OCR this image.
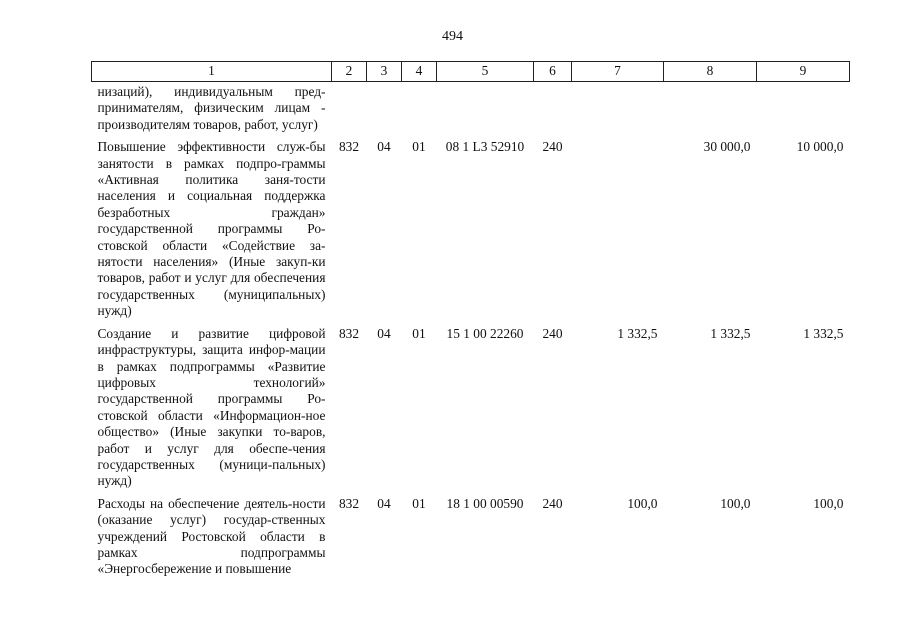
494
1	2	3	4	5	6	7	8	9
низаций), индивидуальным пред-принимателям, физическим лицам - производителям товаров, работ, услуг)								
Повышение эффективности служ-бы занятости в рамках подпро-граммы «Активная политика заня-тости населения и социальная поддержка безработных граждан» государственной программы Ро-стовской области «Содействие за-нятости населения» (Иные закуп-ки товаров, работ и услуг для обеспечения государственных (муниципальных) нужд)	832	04	01	08 1 L3 52910	240		30 000,0	10 000,0
Создание и развитие цифровой инфраструктуры, защита инфор-мации в рамках подпрограммы «Развитие цифровых технологий» государственной программы Ро-стовской области «Информацион-ное общество» (Иные закупки то-варов, работ и услуг для обеспе-чения государственных (муници-пальных) нужд)	832	04	01	15 1 00 22260	240	1 332,5	1 332,5	1 332,5
Расходы на обеспечение деятель-ности (оказание услуг) государ-ственных учреждений Ростовской области в рамках подпрограммы «Энергосбережение и повышение	832	04	01	18 1 00 00590	240	100,0	100,0	100,0
